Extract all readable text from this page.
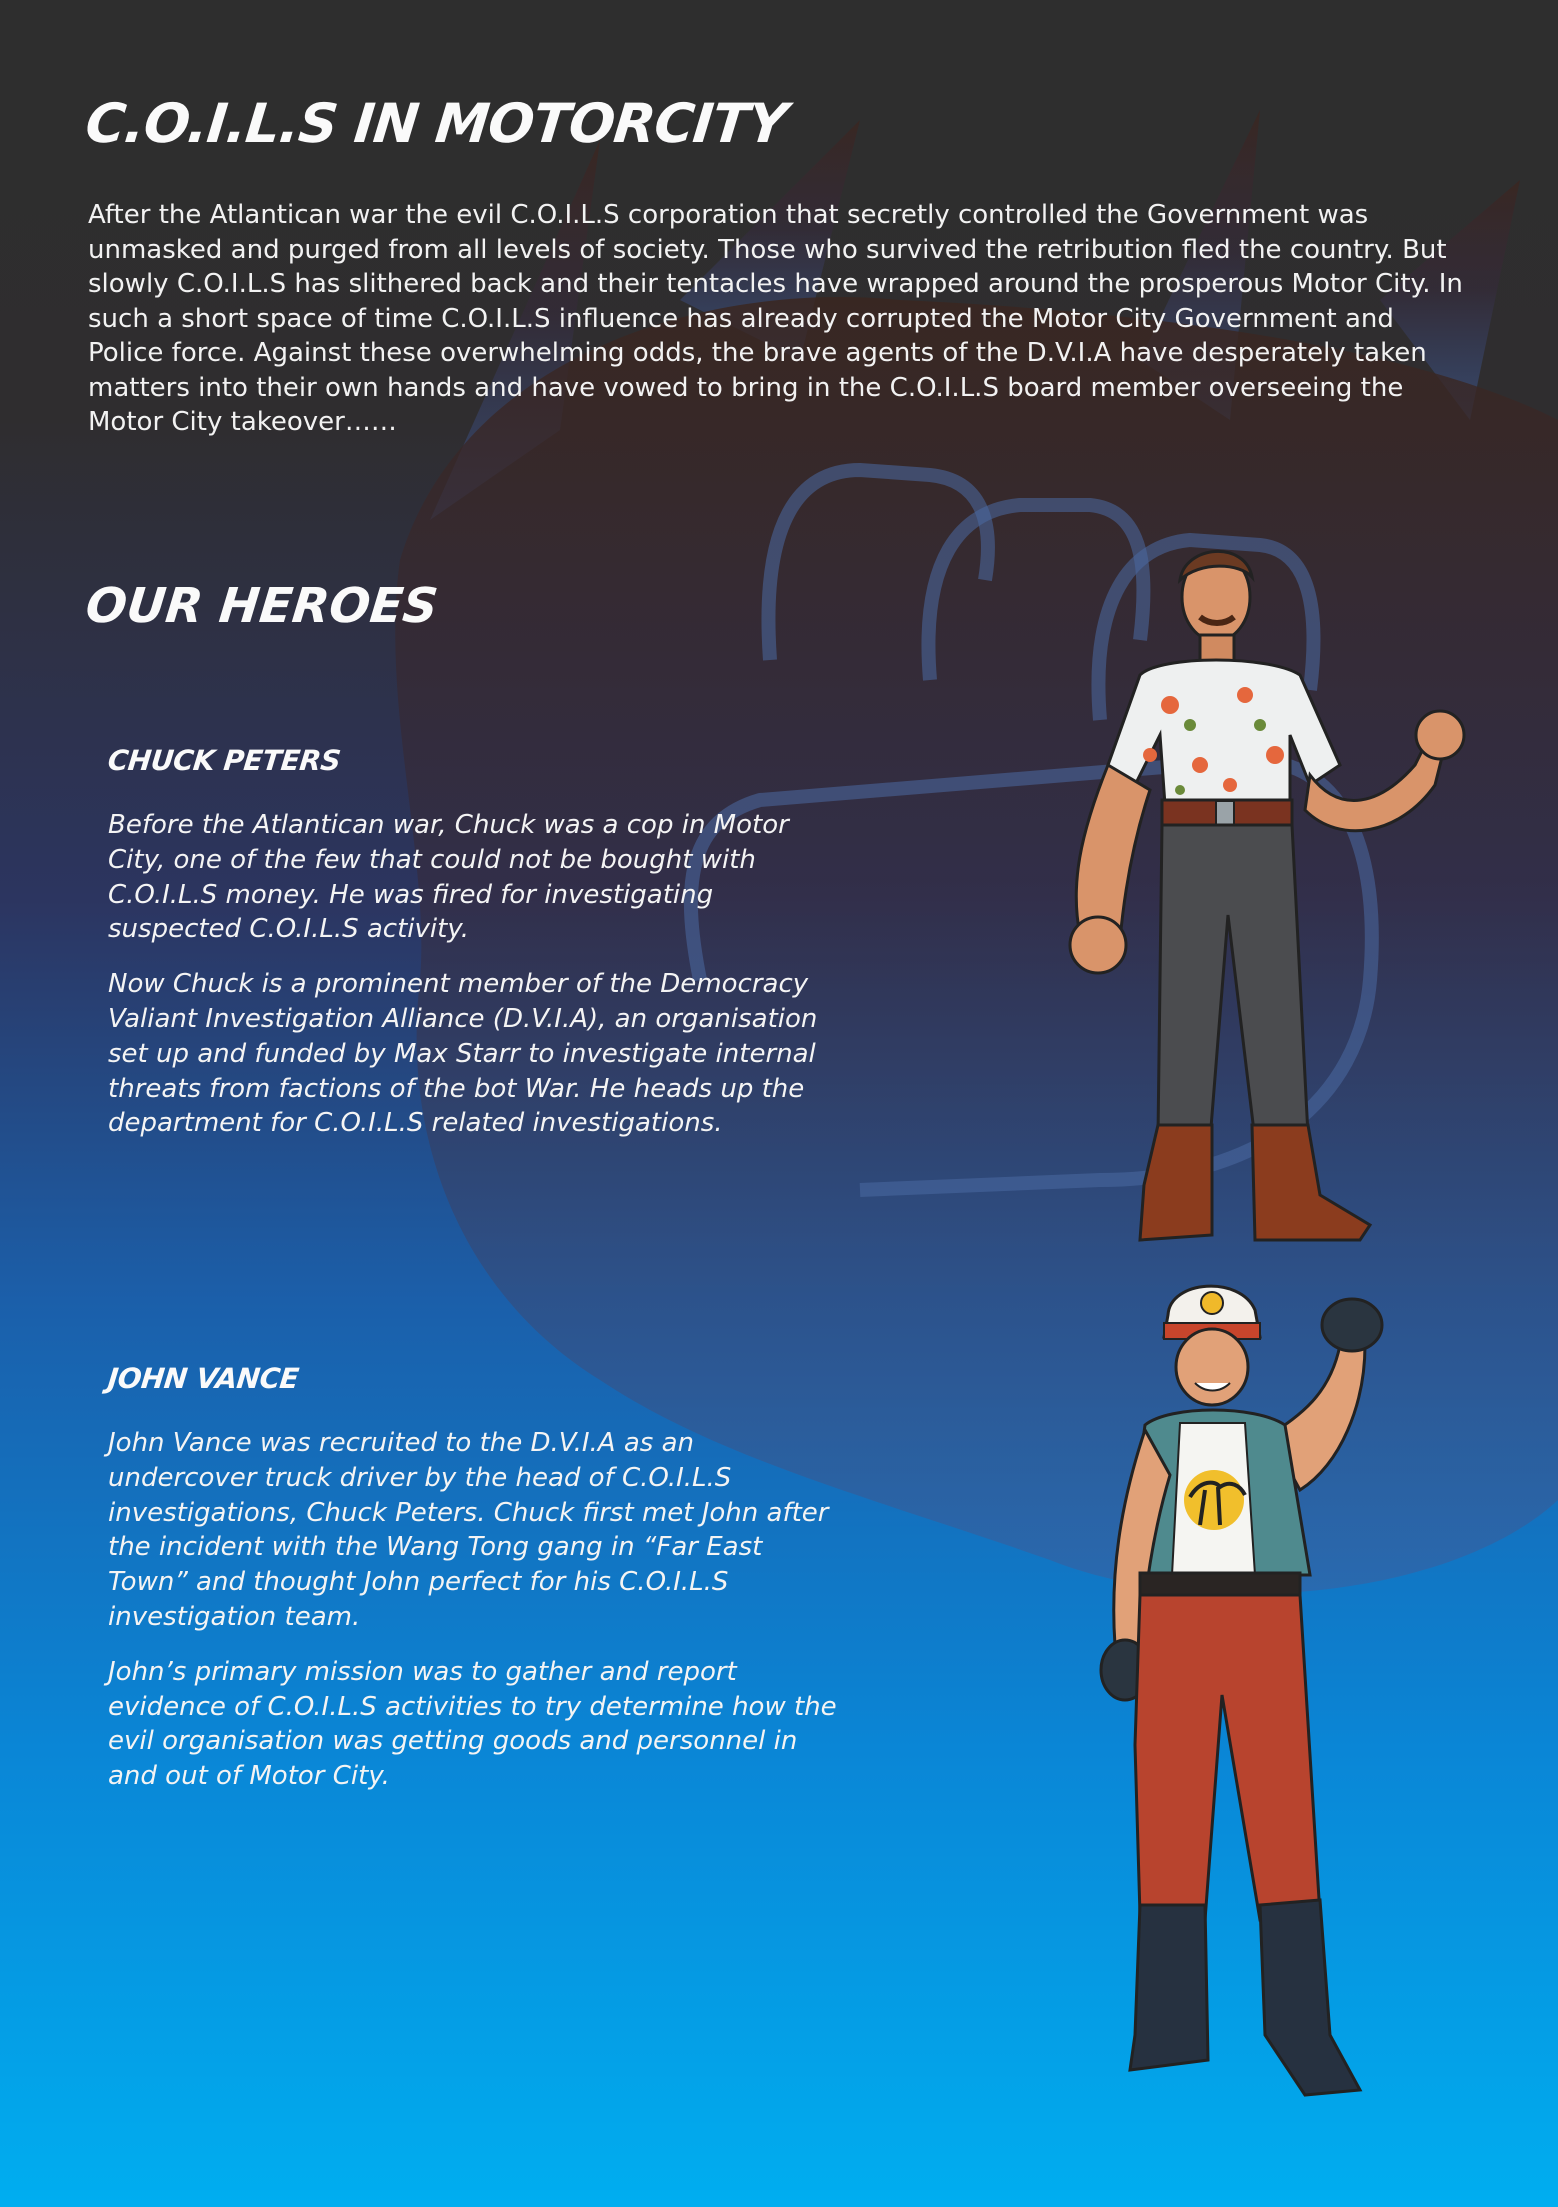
C.O.I.L.S IN MOTORCITY

After the Atlantican war the evil C.O.I.L.S corporation that secretly controlled the Government was unmasked and purged from all levels of society. Those who survived the retribution fled the country. But slowly C.O.I.L.S has slithered back and their tentacles have wrapped around the prosperous Motor City. In such a short space of time C.O.I.L.S influence has already corrupted the Motor City Government and Police force. Against these overwhelming odds, the brave agents of the D.V.I.A have desperately taken matters into their own hands and have vowed to bring in the C.O.I.L.S board member overseeing the Motor City takeover……

OUR HEROES
CHUCK PETERS

Before the Atlantican war, Chuck was a cop in Motor City, one of the few that could not be bought with C.O.I.L.S money. He was fired for investigating suspected C.O.I.L.S activity.

Now Chuck is a prominent member of the Democracy Valiant Investigation Alliance (D.V.I.A), an organisation set up and funded by Max Starr to investigate internal threats from factions of the bot War. He heads up the department for C.O.I.L.S related investigations.

JOHN VANCE

John Vance was recruited to the D.V.I.A as an undercover truck driver by the head of C.O.I.L.S investigations, Chuck Peters. Chuck first met John after the incident with the Wang Tong gang in “Far East Town” and thought John perfect for his C.O.I.L.S investigation team.

John’s primary mission was to gather and report evidence of C.O.I.L.S activities to try determine how the evil organisation was getting goods and personnel in and out of Motor City.
